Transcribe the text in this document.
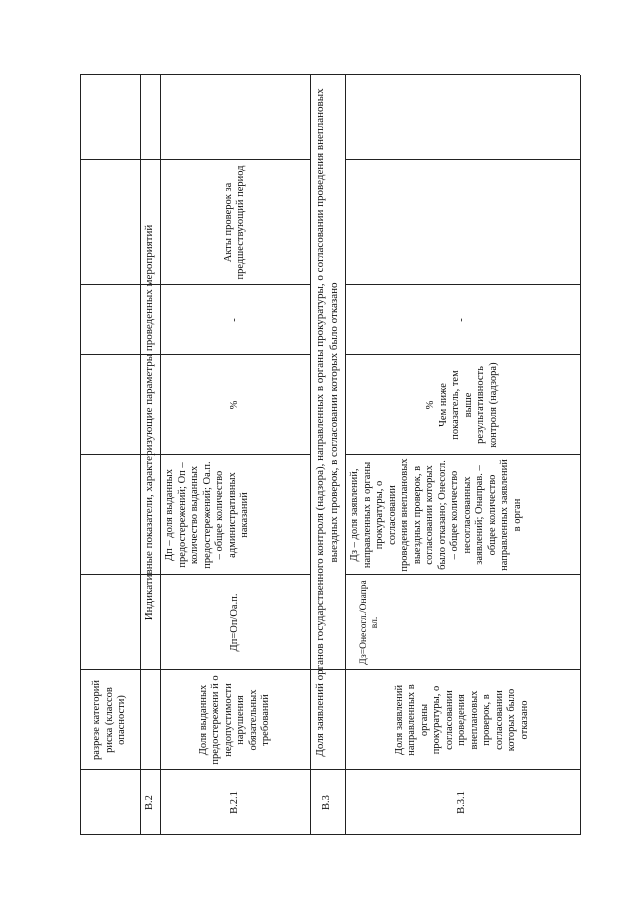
разрезе категорий риска (классов опасности)
В.2
Индикативные показатели, характеризующие параметры проведенных мероприятий
В.2.1
Доля выданных предостережени й о недопустимости нарушения обязательных требований
Дп=Оп/Оа.п.
Дп – доля выданных предостережений; Оп – количество выданных предостережений; Оа.п. – общее количество административных наказаний
%
-
Акты проверок за предшествующий период
В.3
Доля заявлений органов государственного контроля (надзора), направленных в органы прокуратуры, о согласовании проведения внеплановых выездных проверок, в согласовании которых было отказано
В.3.1
Доля заявлений направленных в органы прокуратуры, о согласовании проведения внеплановых проверок, в согласовании которых было отказано
Дз=Онесогл./Онапра вл.
Дз – доля заявлений, направленных в органы прокуратуры, о согласовании проведения внеплановых выездных проверок, в согласовании которых было отказано; Онесогл. – общее количество несогласованных заявлений; Онаправ. – общее количество направленных заявлений в орган
% Чем ниже показатель, тем выше результативность контроля (надзора)
-
